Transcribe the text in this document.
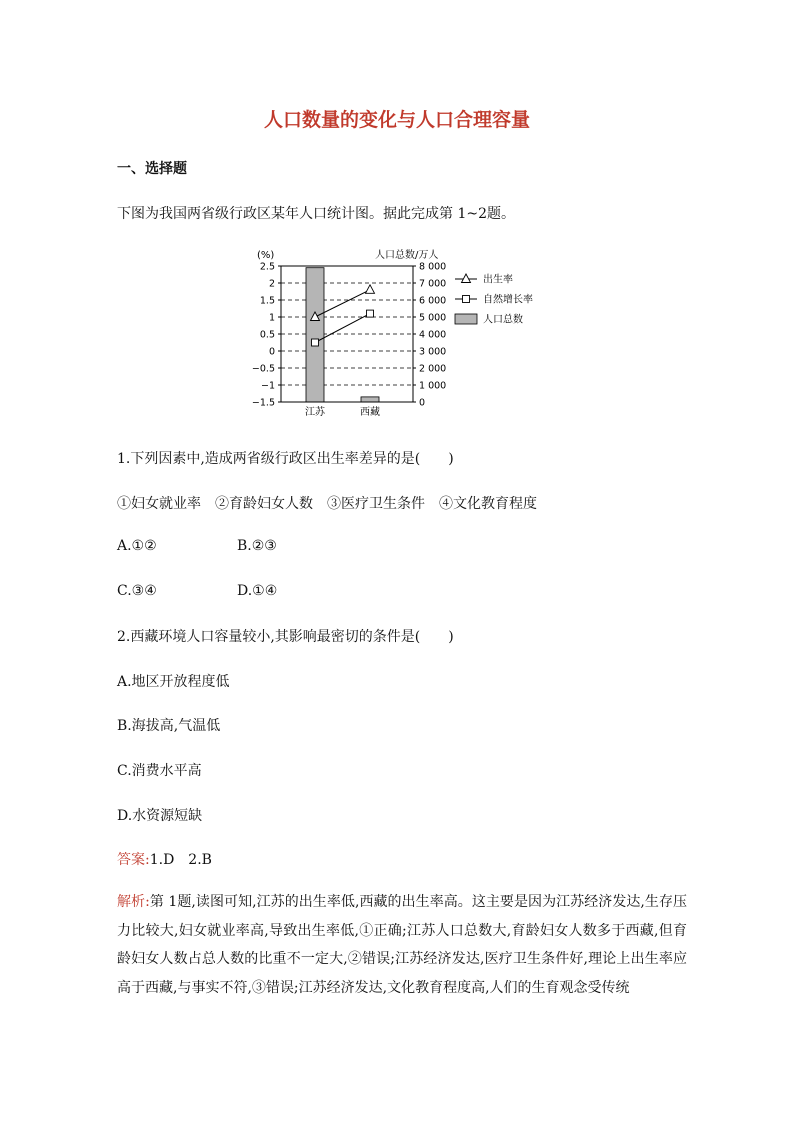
人口数量的变化与人口合理容量
一、选择题
下图为我国两省级行政区某年人口统计图。据此完成第 1~2题。
(%)	人口总数/万人
2.5
2
1.5
1
0.5
0
−0.5
−1
−1.5
8 000
7 000
6 000
5 000
4 000
3 000
2 000
1 000
0
江苏	西藏
出生率
自然增长率
人口总数
1.下列因素中,造成两省级行政区出生率差异的是(　　)
①妇女就业率　②育龄妇女人数　③医疗卫生条件　④文化教育程度
A.①②	B.②③
C.③④	D.①④
2.西藏环境人口容量较小,其影响最密切的条件是(　　)
A.地区开放程度低
B.海拔高,气温低
C.消费水平高
D.水资源短缺
答案:1.D　2.B
解析:第 1题,读图可知,江苏的出生率低,西藏的出生率高。这主要是因为江苏经济发达,生存压力比较大,妇女就业率高,导致出生率低,①正确;江苏人口总数大,育龄妇女人数多于西藏,但育龄妇女人数占总人数的比重不一定大,②错误;江苏经济发达,医疗卫生条件好,理论上出生率应高于西藏,与事实不符,③错误;江苏经济发达,文化教育程度高,人们的生育观念受传统
